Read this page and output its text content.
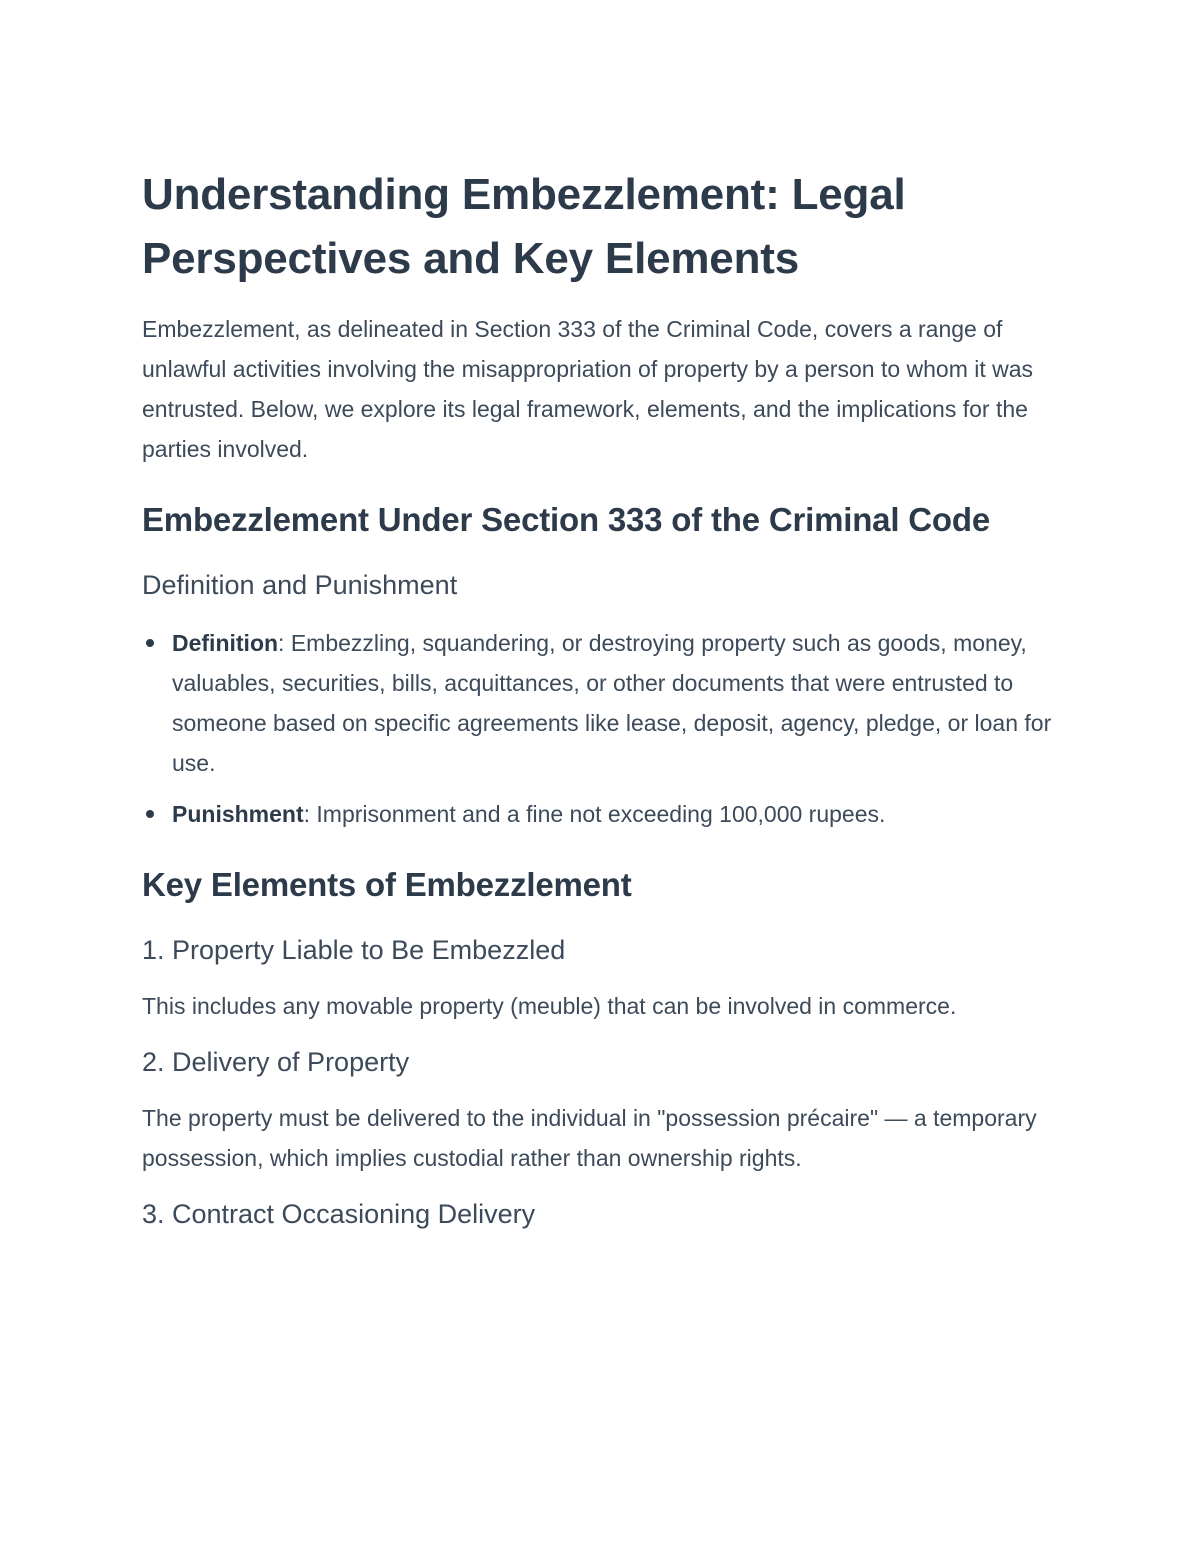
Understanding Embezzlement: Legal Perspectives and Key Elements

Embezzlement, as delineated in Section 333 of the Criminal Code, covers a range of unlawful activities involving the misappropriation of property by a person to whom it was entrusted. Below, we explore its legal framework, elements, and the implications for the parties involved.

Embezzlement Under Section 333 of the Criminal Code
Definition and Punishment
Definition: Embezzling, squandering, or destroying property such as goods, money, valuables, securities, bills, acquittances, or other documents that were entrusted to someone based on specific agreements like lease, deposit, agency, pledge, or loan for use.
Punishment: Imprisonment and a fine not exceeding 100,000 rupees.
Key Elements of Embezzlement
1. Property Liable to Be Embezzled

This includes any movable property (meuble) that can be involved in commerce.

2. Delivery of Property

The property must be delivered to the individual in "possession précaire" — a temporary possession, which implies custodial rather than ownership rights.

3. Contract Occasioning Delivery
